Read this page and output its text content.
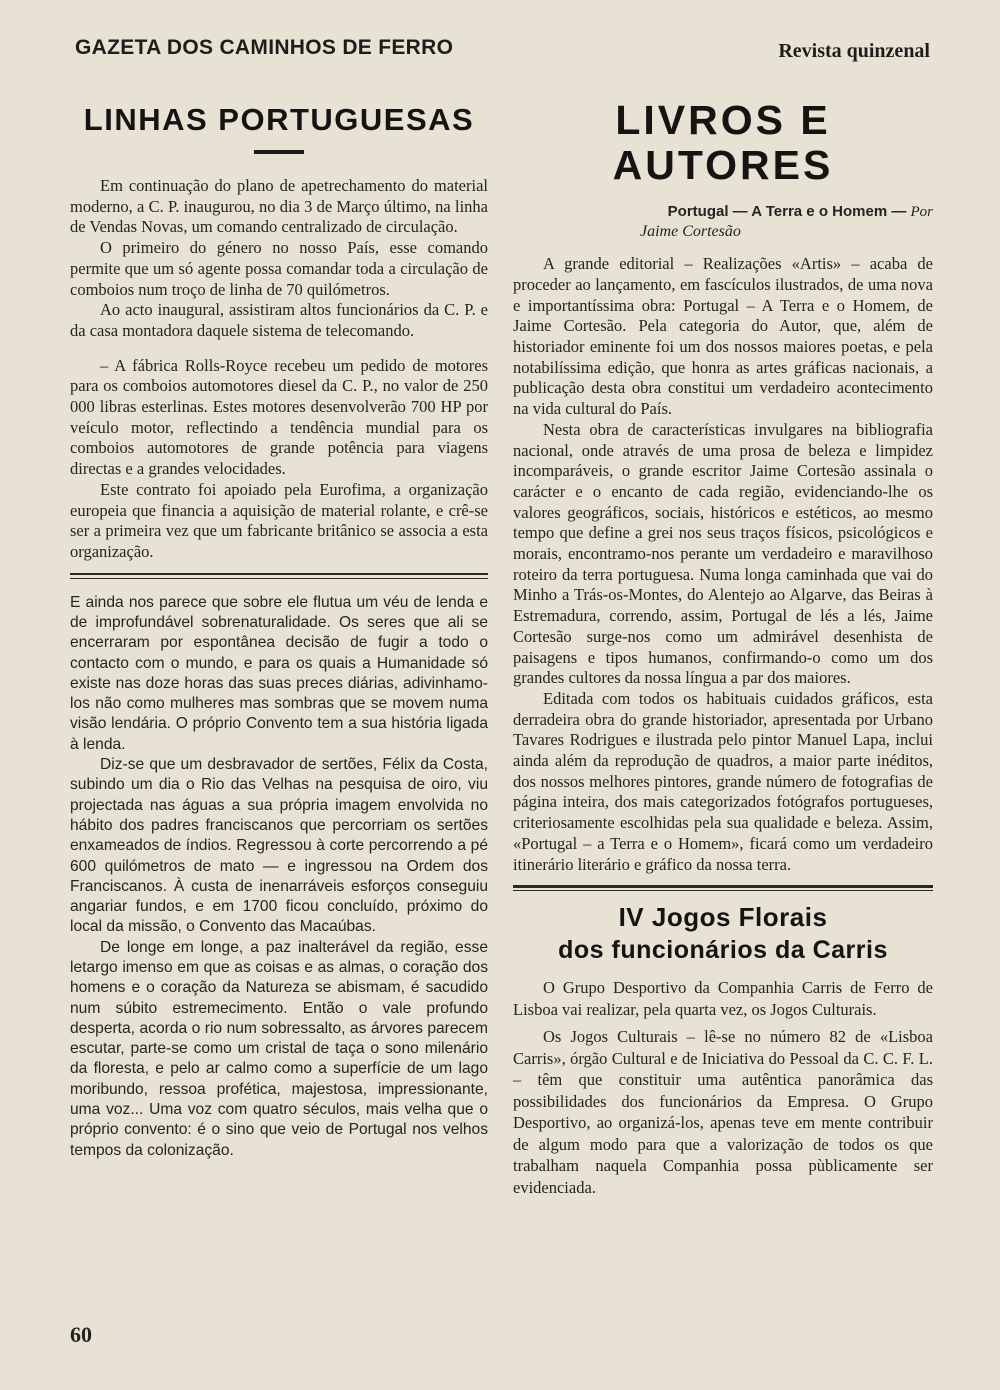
GAZETA DOS CAMINHOS DE FERRO	Revista quinzenal
LINHAS PORTUGUESAS

Em continuação do plano de apetrechamento do material moderno, a C. P. inaugurou, no dia 3 de Março último, na linha de Vendas Novas, um comando centralizado de circulação.

O primeiro do género no nosso País, esse comando permite que um só agente possa comandar toda a circulação de comboios num troço de linha de 70 quilómetros.

Ao acto inaugural, assistiram altos funcionários da C. P. e da casa montadora daquele sistema de telecomando.

– A fábrica Rolls-Royce recebeu um pedido de motores para os comboios automotores diesel da C. P., no valor de 250 000 libras esterlinas. Estes motores desenvolverão 700 HP por veículo motor, reflectindo a tendência mundial para os comboios automotores de grande potência para viagens directas e a grandes velocidades.

Este contrato foi apoiado pela Eurofima, a organização europeia que financia a aquisição de material rolante, e crê-se ser a primeira vez que um fabricante britânico se associa a esta organização.

E ainda nos parece que sobre ele flutua um véu de lenda e de improfundável sobrenaturalidade. Os seres que ali se encerraram por espontânea decisão de fugir a todo o contacto com o mundo, e para os quais a Humanidade só existe nas doze horas das suas preces diárias, adivinhamo-los não como mulheres mas sombras que se movem numa visão lendária. O próprio Convento tem a sua história ligada à lenda.

Diz-se que um desbravador de sertões, Félix da Costa, subindo um dia o Rio das Velhas na pesquisa de oiro, viu projectada nas águas a sua própria imagem envolvida no hábito dos padres franciscanos que percorriam os sertões enxameados de índios. Regressou à corte percorrendo a pé 600 quilómetros de mato — e ingressou na Ordem dos Franciscanos. À custa de inenarráveis esforços conseguiu angariar fundos, e em 1700 ficou concluído, próximo do local da missão, o Convento das Macaúbas.

De longe em longe, a paz inalterável da região, esse letargo imenso em que as coisas e as almas, o coração dos homens e o coração da Natureza se abismam, é sacudido num súbito estremecimento. Então o vale profundo desperta, acorda o rio num sobressalto, as árvores parecem escutar, parte-se como um cristal de taça o sono milenário da floresta, e pelo ar calmo como a superfície de um lago moribundo, ressoa profética, majestosa, impressionante, uma voz... Uma voz com quatro séculos, mais velha que o próprio convento: é o sino que veio de Portugal nos velhos tempos da colonização.

LIVROS E AUTORES
Portugal — A Terra e o Homem — Por
Jaime Cortesão

A grande editorial – Realizações «Artis» – acaba de proceder ao lançamento, em fascículos ilustrados, de uma nova e importantíssima obra: Portugal – A Terra e o Homem, de Jaime Cortesão. Pela categoria do Autor, que, além de historiador eminente foi um dos nossos maiores poetas, e pela notabilíssima edição, que honra as artes gráficas nacionais, a publicação desta obra constitui um verdadeiro acontecimento na vida cultural do País.

Nesta obra de características invulgares na bibliografia nacional, onde através de uma prosa de beleza e limpidez incomparáveis, o grande escritor Jaime Cortesão assinala o carácter e o encanto de cada região, evidenciando-lhe os valores geográficos, sociais, históricos e estéticos, ao mesmo tempo que define a grei nos seus traços físicos, psicológicos e morais, encontramo-nos perante um verdadeiro e maravilhoso roteiro da terra portuguesa. Numa longa caminhada que vai do Minho a Trás-os-Montes, do Alentejo ao Algarve, das Beiras à Estremadura, correndo, assim, Portugal de lés a lés, Jaime Cortesão surge-nos como um admirável desenhista de paisagens e tipos humanos, confirmando-o como um dos grandes cultores da nossa língua a par dos maiores.

Editada com todos os habituais cuidados gráficos, esta derradeira obra do grande historiador, apresentada por Urbano Tavares Rodrigues e ilustrada pelo pintor Manuel Lapa, inclui ainda além da reprodução de quadros, a maior parte inéditos, dos nossos melhores pintores, grande número de fotografias de página inteira, dos mais categorizados fotógrafos portugueses, criteriosamente escolhidas pela sua qualidade e beleza. Assim, «Portugal – a Terra e o Homem», ficará como um verdadeiro itinerário literário e gráfico da nossa terra.

IV Jogos Florais
dos funcionários da Carris

O Grupo Desportivo da Companhia Carris de Ferro de Lisboa vai realizar, pela quarta vez, os Jogos Culturais.

Os Jogos Culturais – lê-se no número 82 de «Lisboa Carris», órgão Cultural e de Iniciativa do Pessoal da C. C. F. L. – têm que constituir uma autêntica panorâmica das possibilidades dos funcionários da Empresa. O Grupo Desportivo, ao organizá-los, apenas teve em mente contribuir de algum modo para que a valorização de todos os que trabalham naquela Companhia possa pùblicamente ser evidenciada.

60
